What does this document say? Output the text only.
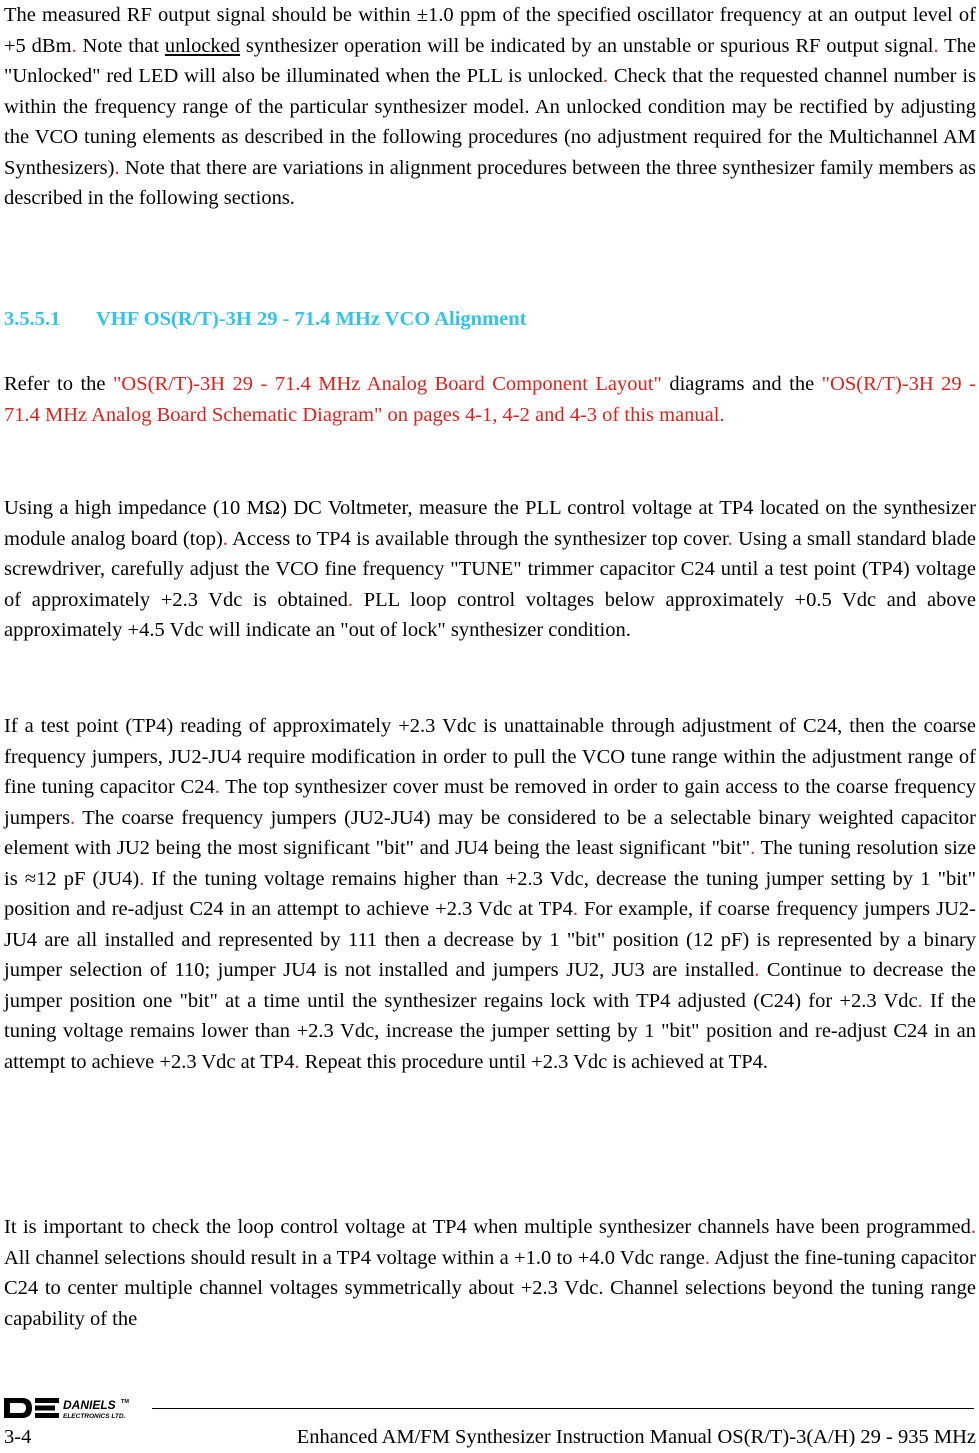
The measured RF output signal should be within ±1.0 ppm of the specified oscillator frequency at an output level of +5 dBm. Note that unlocked synthesizer operation will be indicated by an unstable or spurious RF output signal. The "Unlocked" red LED will also be illuminated when the PLL is unlocked. Check that the requested channel number is within the frequency range of the particular synthesizer model. An unlocked condition may be rectified by adjusting the VCO tuning elements as described in the following procedures (no adjustment required for the Multichannel AM Synthesizers). Note that there are variations in alignment procedures between the three synthesizer family members as described in the following sections.

3.5.5.1 VHF OS(R/T)-3H 29 - 71.4 MHz VCO Alignment

Refer to the "OS(R/T)-3H 29 - 71.4 MHz Analog Board Component Layout" diagrams and the "OS(R/T)-3H 29 - 71.4 MHz Analog Board Schematic Diagram" on pages 4-1, 4-2 and 4-3 of this manual.

Using a high impedance (10 MΩ) DC Voltmeter, measure the PLL control voltage at TP4 located on the synthesizer module analog board (top). Access to TP4 is available through the synthesizer top cover. Using a small standard blade screwdriver, carefully adjust the VCO fine frequency "TUNE" trimmer capacitor C24 until a test point (TP4) voltage of approximately +2.3 Vdc is obtained. PLL loop control voltages below approximately +0.5 Vdc and above approximately +4.5 Vdc will indicate an "out of lock" synthesizer condition.

If a test point (TP4) reading of approximately +2.3 Vdc is unattainable through adjustment of C24, then the coarse frequency jumpers, JU2-JU4 require modification in order to pull the VCO tune range within the adjustment range of fine tuning capacitor C24. The top synthesizer cover must be removed in order to gain access to the coarse frequency jumpers. The coarse frequency jumpers (JU2-JU4) may be considered to be a selectable binary weighted capacitor element with JU2 being the most significant "bit" and JU4 being the least significant "bit". The tuning resolution size is ≈12 pF (JU4). If the tuning voltage remains higher than +2.3 Vdc, decrease the tuning jumper setting by 1 "bit" position and re-adjust C24 in an attempt to achieve +2.3 Vdc at TP4. For example, if coarse frequency jumpers JU2-JU4 are all installed and represented by 111 then a decrease by 1 "bit" position (12 pF) is represented by a binary jumper selection of 110; jumper JU4 is not installed and jumpers JU2, JU3 are installed. Continue to decrease the jumper position one "bit" at a time until the synthesizer regains lock with TP4 adjusted (C24) for +2.3 Vdc. If the tuning voltage remains lower than +2.3 Vdc, increase the jumper setting by 1 "bit" position and re-adjust C24 in an attempt to achieve +2.3 Vdc at TP4. Repeat this procedure until +2.3 Vdc is achieved at TP4.

It is important to check the loop control voltage at TP4 when multiple synthesizer channels have been programmed. All channel selections should result in a TP4 voltage within a +1.0 to +4.0 Vdc range. Adjust the fine-tuning capacitor C24 to center multiple channel voltages symmetrically about +2.3 Vdc. Channel selections beyond the tuning range capability of the

DANIELS TM
ELECTRONICS LTD.
3-4	Enhanced AM/FM Synthesizer Instruction Manual OS(R/T)-3(A/H) 29 - 935 MHz
